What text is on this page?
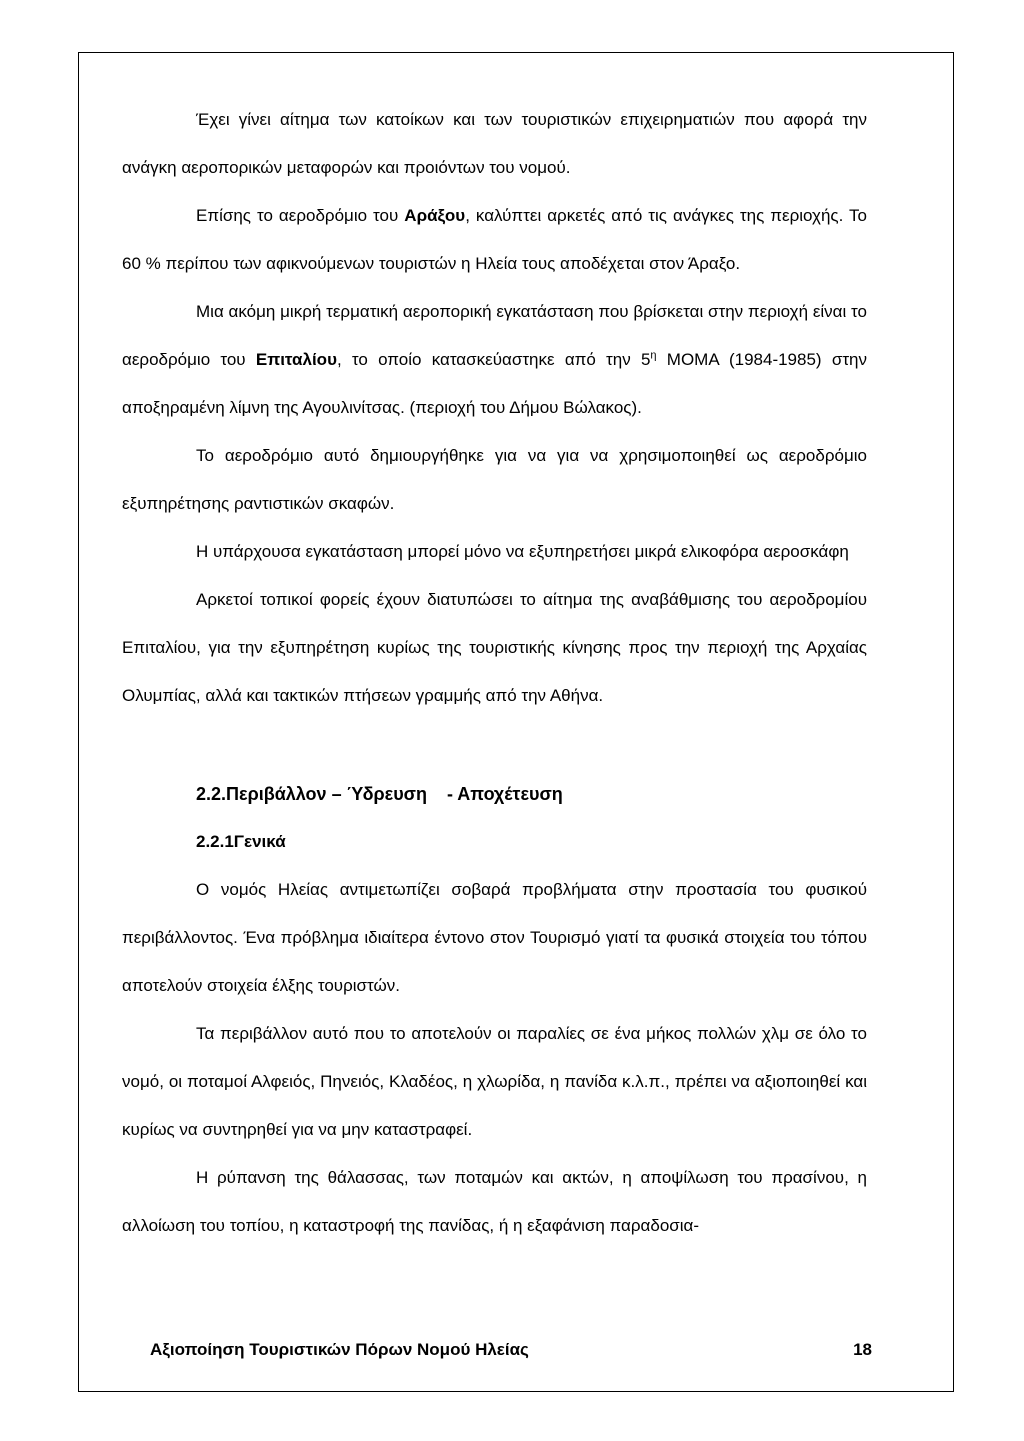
Έχει γίνει αίτημα των κατοίκων και των τουριστικών επιχειρηματιών που αφορά την ανάγκη αεροπορικών μεταφορών και προιόντων του νομού.

Επίσης το αεροδρόμιο του Αράξου, καλύπτει αρκετές από τις ανάγκες της περιοχής. Το 60 % περίπου των αφικνούμενων τουριστών η Ηλεία τους αποδέχεται στον Άραξο.

Μια ακόμη μικρή τερματική αεροπορική εγκατάσταση που βρίσκεται στην περιοχή είναι το αεροδρόμιο του Επιταλίου, το οποίο κατασκεύαστηκε από την $5^\eta$ ΜΟΜΑ (1984-1985) στην αποξηραμένη λίμνη της Αγουλινίτσας. (περιοχή του Δήμου Βώλακος).

Το αεροδρόμιο αυτό δημιουργήθηκε για να για να χρησιμοποιηθεί ως αεροδρόμιο εξυπηρέτησης ραντιστικών σκαφών.

Η υπάρχουσα εγκατάσταση μπορεί μόνο να εξυπηρετήσει μικρά ελικοφόρα αεροσκάφη

Αρκετοί τοπικοί φορείς έχουν διατυπώσει το αίτημα της αναβάθμισης του αεροδρομίου Επιταλίου, για την εξυπηρέτηση κυρίως της τουριστικής κίνησης προς την περιοχή της Αρχαίας Ολυμπίας, αλλά και τακτικών πτήσεων γραμμής από την Αθήνα.

2.2.Περιβάλλον – Ύδρευση    - Αποχέτευση
2.2.1Γενικά

Ο νομός Ηλείας αντιμετωπίζει σοβαρά προβλήματα στην προστασία του φυσικού περιβάλλοντος. Ένα πρόβλημα ιδιαίτερα έντονο στον Τουρισμό γιατί τα φυσικά στοιχεία του τόπου αποτελούν στοιχεία έλξης τουριστών.

Τα περιβάλλον αυτό που το αποτελούν οι παραλίες σε ένα μήκος πολλών χλμ σε όλο το νομό, οι ποταμοί Αλφειός, Πηνειός, Κλαδέος, η χλωρίδα, η πανίδα κ.λ.π., πρέπει να αξιοποιηθεί και κυρίως να συντηρηθεί για να μην καταστραφεί.

Η ρύπανση της θάλασσας, των ποταμών και ακτών, η αποψίλωση του πρασίνου, η αλλοίωση του τοπίου, η καταστροφή της πανίδας, ή η εξαφάνιση παραδοσια-

Αξιοποίηση Τουριστικών Πόρων Νομού Ηλείας	18
